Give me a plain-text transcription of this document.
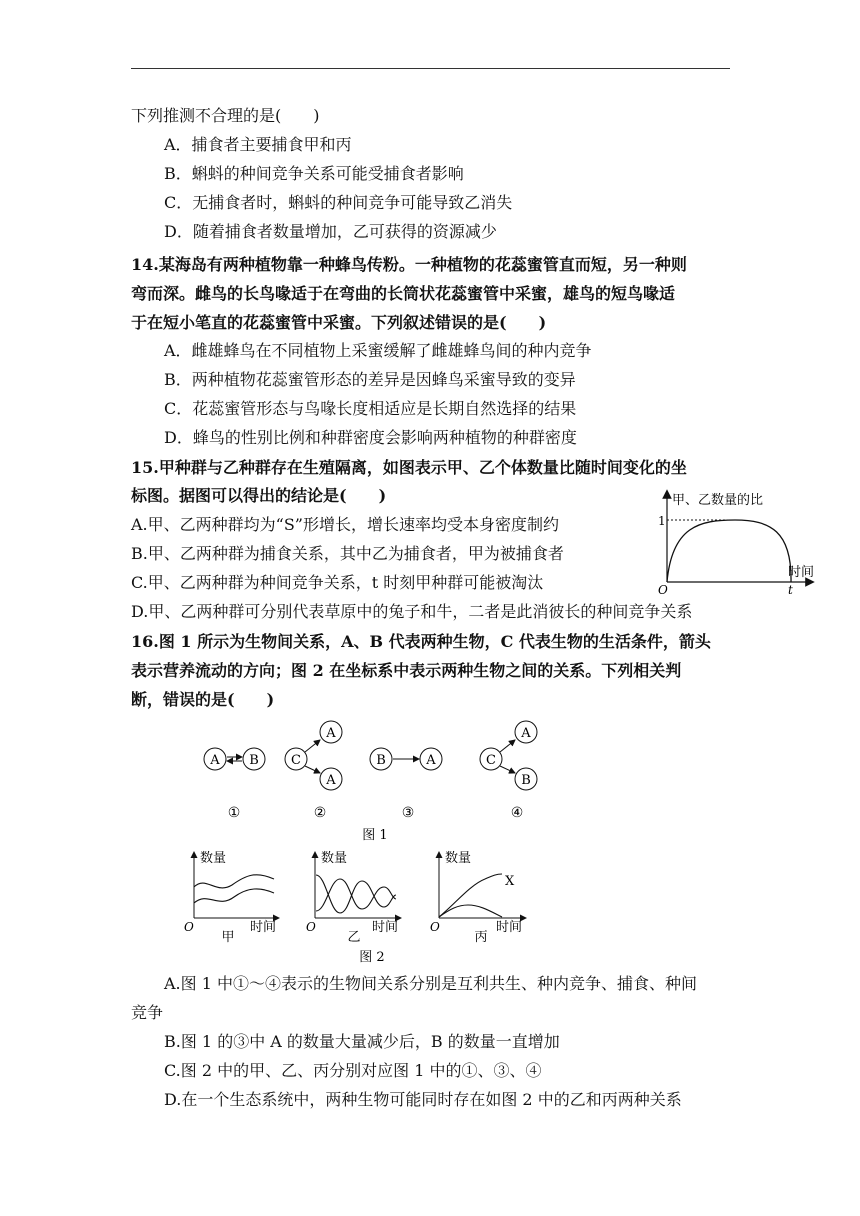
下列推测不合理的是(　　)
A．捕食者主要捕食甲和丙
B．蝌蚪的种间竞争关系可能受捕食者影响
C．无捕食者时，蝌蚪的种间竞争可能导致乙消失
D．随着捕食者数量增加，乙可获得的资源减少
14.某海岛有两种植物靠一种蜂鸟传粉。一种植物的花蕊蜜管直而短，另一种则
弯而深。雌鸟的长鸟喙适于在弯曲的长筒状花蕊蜜管中采蜜，雄鸟的短鸟喙适
于在短小笔直的花蕊蜜管中采蜜。下列叙述错误的是(　　)
A．雌雄蜂鸟在不同植物上采蜜缓解了雌雄蜂鸟间的种内竞争
B．两种植物花蕊蜜管形态的差异是因蜂鸟采蜜导致的变异
C．花蕊蜜管形态与鸟喙长度相适应是长期自然选择的结果
D．蜂鸟的性别比例和种群密度会影响两种植物的种群密度
15.甲种群与乙种群存在生殖隔离，如图表示甲、乙个体数量比随时间变化的坐
标图。据图可以得出的结论是(　　)
A.甲、乙两种群均为“S”形增长，增长速率均受本身密度制约
B.甲、乙两种群为捕食关系，其中乙为捕食者，甲为被捕食者
C.甲、乙两种群为种间竞争关系，t 时刻甲种群可能被淘汰
D.甲、乙两种群可分别代表草原中的兔子和牛，二者是此消彼长的种间竞争关系
甲、乙数量的比
1
O	t
时间
16.图 1 所示为生物间关系，A、B 代表两种生物，C 代表生物的生活条件，箭头
表示营养流动的方向；图 2 在坐标系中表示两种生物之间的关系。下列相关判
断，错误的是(　　)
A B
①
C
A
A
②
B	A
③
C
A
B
④
图 1
数量
O	时间
甲
数量
O	时间
乙
X
数量
O	时间
丙
图 2
A.图 1 中①～④表示的生物间关系分别是互利共生、种内竞争、捕食、种间
竞争
B.图 1 的③中 A 的数量大量减少后，B 的数量一直增加
C.图 2 中的甲、乙、丙分别对应图 1 中的①、③、④
D.在一个生态系统中，两种生物可能同时存在如图 2 中的乙和丙两种关系
